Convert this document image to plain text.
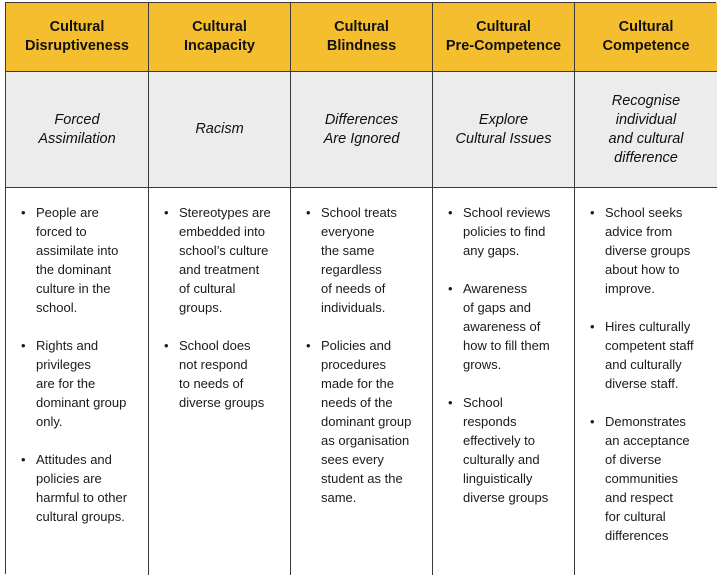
Cultural
Disruptiveness
Cultural
Incapacity
Cultural
Blindness
Cultural
Pre-Competence
Cultural
Competence
Forced
Assimilation
Racism
Differences
Are Ignored
Explore
Cultural Issues
Recognise
individual
and cultural
difference
• People are
forced to
assimilate into
the dominant
culture in the
school.
• Rights and
privileges
are for the
dominant group
only.
• Attitudes and
policies are
harmful to other
cultural groups.
• Stereotypes are
embedded into
school’s culture
and treatment
of cultural
groups.
• School does
not respond
to needs of
diverse groups
• School treats
everyone
the same
regardless
of needs of
individuals.
• Policies and
procedures
made for the
needs of the
dominant group
as organisation
sees every
student as the
same.
• School reviews
policies to find
any gaps.
• Awareness
of gaps and
awareness of
how to fill them
grows.
• School
responds
effectively to
culturally and
linguistically
diverse groups
• School seeks
advice from
diverse groups
about how to
improve.
• Hires culturally
competent staff
and culturally
diverse staff.
• Demonstrates
an acceptance
of diverse
communities
and respect
for cultural
differences
